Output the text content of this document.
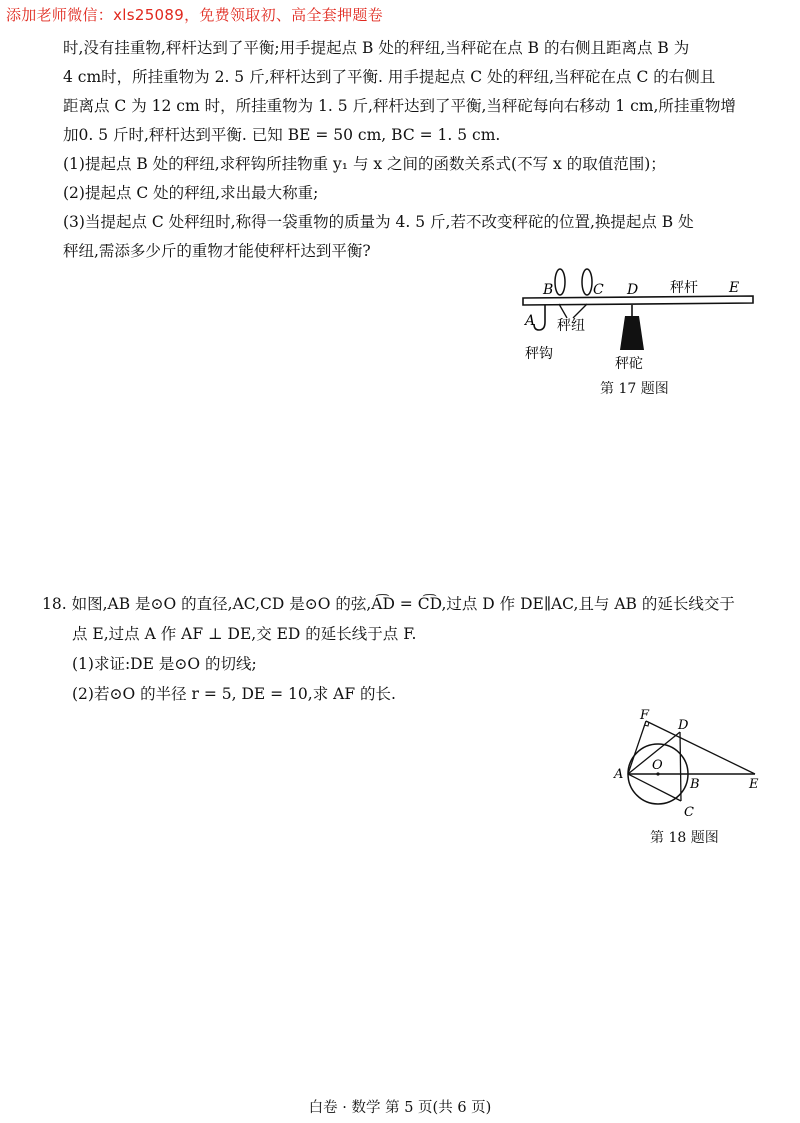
添加老师微信：xls25089，免费领取初、高全套押题卷
时,没有挂重物,秤杆达到了平衡;用手提起点 B 处的秤纽,当秤砣在点 B 的右侧且距离点 B 为
4 cm时，所挂重物为 2. 5 斤,秤杆达到了平衡. 用手提起点 C 处的秤纽,当秤砣在点 C 的右侧且
距离点 C 为 12 cm 时，所挂重物为 1. 5 斤,秤杆达到了平衡,当秤砣每向右移动 1 cm,所挂重物增
加0. 5 斤时,秤杆达到平衡. 已知 BE = 50 cm, BC = 1. 5 cm.
(1)提起点 B 处的秤纽,求秤钩所挂物重 y₁ 与 x 之间的函数关系式(不写 x 的取值范围)；
(2)提起点 C 处的秤纽,求出最大称重;
(3)当提起点 C 处秤纽时,称得一袋重物的质量为 4. 5 斤,若不改变秤砣的位置,换提起点 B 处
秤纽,需添多少斤的重物才能使秤杆达到平衡?
B	C D 秤杆 E
A 秤纽
秤钩
秤砣
第 17 题图
18. 如图,AB 是⊙O 的直径,AC,CD 是⊙O 的弦,A͡D = C͡D,过点 D 作 DE∥AC,且与 AB 的延长线交于
点 E,过点 A 作 AF ⊥ DE,交 ED 的延长线于点 F.
(1)求证:DE 是⊙O 的切线;
(2)若⊙O 的半径 r = 5, DE = 10,求 AF 的长.
F
D
A
O
B	E
C
第 18 题图
白卷 · 数学 第 5 页(共 6 页)
